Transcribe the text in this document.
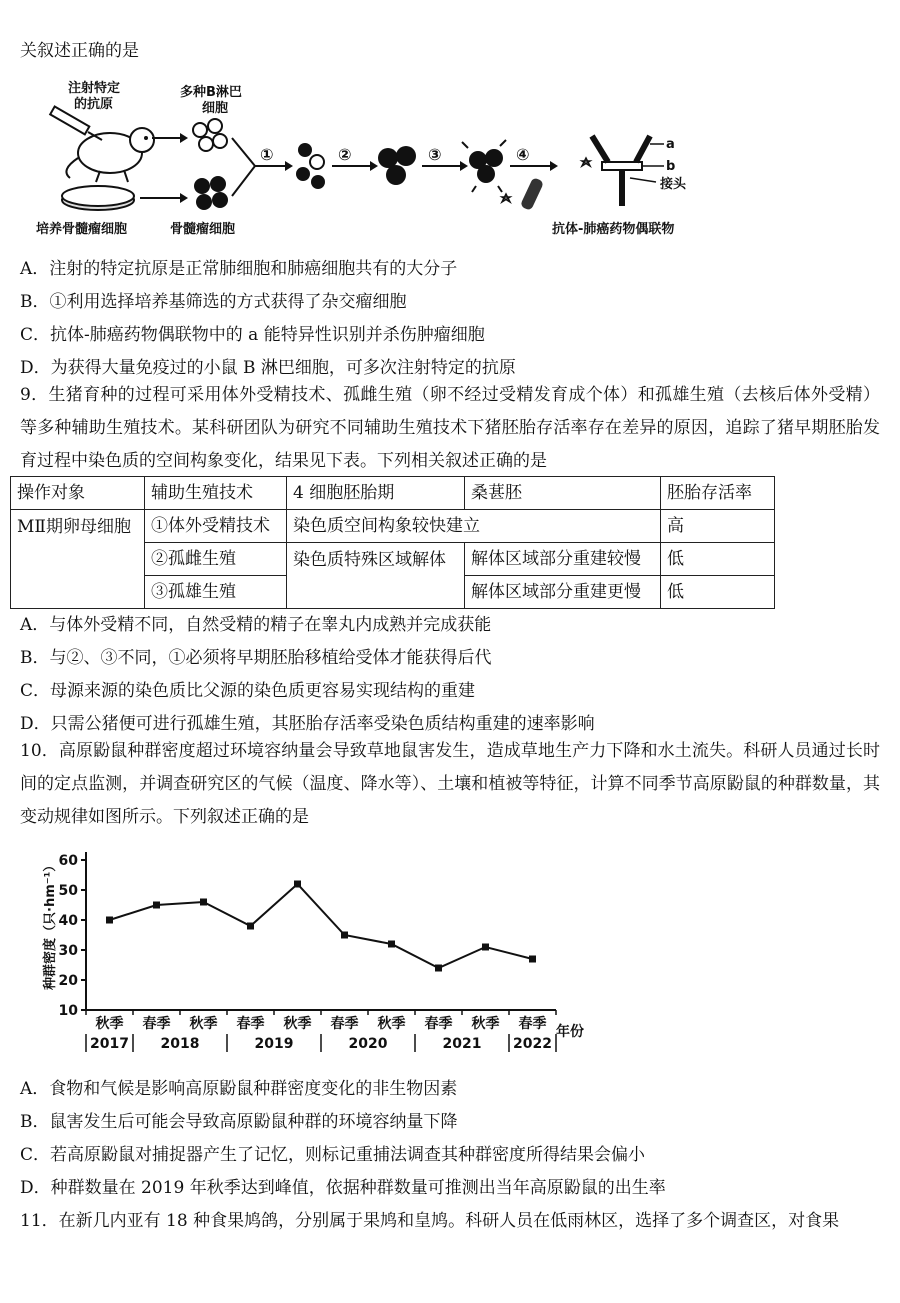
关叙述正确的是
注射特定
的抗原
培养骨髓瘤细胞
多种B淋巴
细胞
骨髓瘤细胞
①	②	③	④
a
b
接头
抗体-肺癌药物偶联物
A．注射的特定抗原是正常肺细胞和肺癌细胞共有的大分子
B．①利用选择培养基筛选的方式获得了杂交瘤细胞
C．抗体-肺癌药物偶联物中的 a 能特异性识别并杀伤肿瘤细胞
D．为获得大量免疫过的小鼠 B 淋巴细胞，可多次注射特定的抗原
9．生猪育种的过程可采用体外受精技术、孤雌生殖（卵不经过受精发育成个体）和孤雄生殖（去核后体外受精）等多种辅助生殖技术。某科研团队为研究不同辅助生殖技术下猪胚胎存活率存在差异的原因，追踪了猪早期胚胎发育过程中染色质的空间构象变化，结果见下表。下列相关叙述正确的是
操作对象	辅助生殖技术	4 细胞胚胎期	桑葚胚	胚胎存活率
MⅡ期卵母细胞	①体外受精技术	染色质空间构象较快建立		高
	②孤雌生殖	染色质特殊区域解体	解体区域部分重建较慢	低
	③孤雄生殖		解体区域部分重建更慢	低
A．与体外受精不同，自然受精的精子在睾丸内成熟并完成获能
B．与②、③不同，①必须将早期胚胎移植给受体才能获得后代
C．母源来源的染色质比父源的染色质更容易实现结构的重建
D．只需公猪便可进行孤雄生殖，其胚胎存活率受染色质结构重建的速率影响
10．高原鼢鼠种群密度超过环境容纳量会导致草地鼠害发生，造成草地生产力下降和水土流失。科研人员通过长时间的定点监测，并调查研究区的气候（温度、降水等）、土壤和植被等特征，计算不同季节高原鼢鼠的种群数量，其变动规律如图所示。下列叙述正确的是
种群密度（只·hm⁻¹）
10
20
30
40
50
60
秋季 春季 秋季 春季 秋季 春季 秋季 春季 秋季 春季
2017 2018	2019	2020	2021 2022
年份
A．食物和气候是影响高原鼢鼠种群密度变化的非生物因素
B．鼠害发生后可能会导致高原鼢鼠种群的环境容纳量下降
C．若高原鼢鼠对捕捉器产生了记忆，则标记重捕法调查其种群密度所得结果会偏小
D．种群数量在 2019 年秋季达到峰值，依据种群数量可推测出当年高原鼢鼠的出生率
11．在新几内亚有 18 种食果鸠鸽，分别属于果鸠和皇鸠。科研人员在低雨林区，选择了多个调查区，对食果
